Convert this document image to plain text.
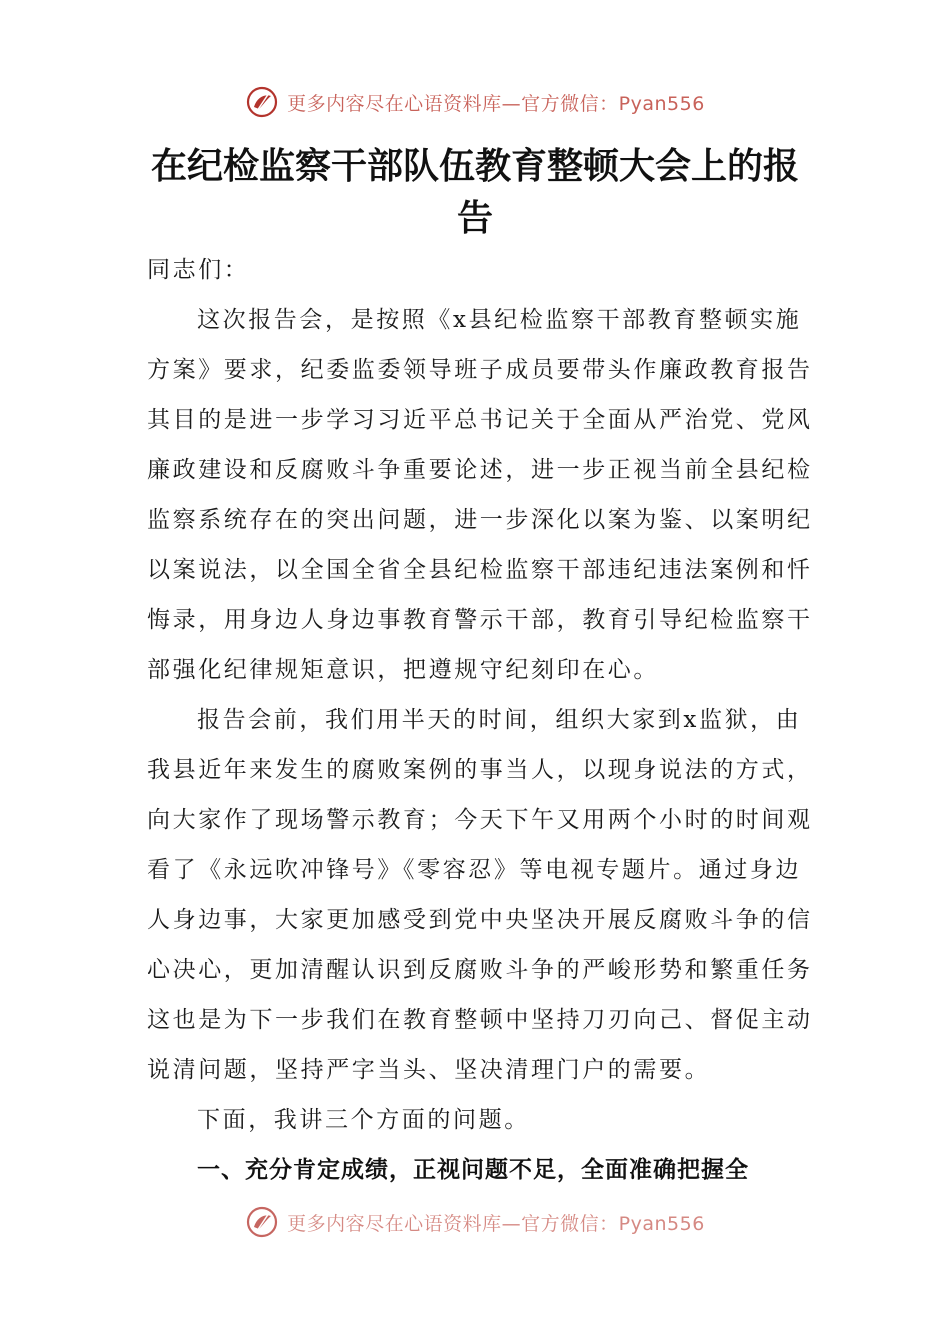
更多内容尽在心语资料库—官方微信：Pyan556
在纪检监察干部队伍教育整顿大会上的报
告
同志们：
这次报告会，是按照《x县纪检监察干部教育整顿实施
方案》要求，纪委监委领导班子成员要带头作廉政教育报告
其目的是进一步学习习近平总书记关于全面从严治党、党风
廉政建设和反腐败斗争重要论述，进一步正视当前全县纪检
监察系统存在的突出问题，进一步深化以案为鉴、以案明纪
以案说法，以全国全省全县纪检监察干部违纪违法案例和忏
悔录，用身边人身边事教育警示干部，教育引导纪检监察干
部强化纪律规矩意识，把遵规守纪刻印在心。
报告会前，我们用半天的时间，组织大家到x监狱，由
我县近年来发生的腐败案例的事当人，以现身说法的方式，
向大家作了现场警示教育；今天下午又用两个小时的时间观
看了《永远吹冲锋号》《零容忍》等电视专题片。通过身边
人身边事，大家更加感受到党中央坚决开展反腐败斗争的信
心决心，更加清醒认识到反腐败斗争的严峻形势和繁重任务
这也是为下一步我们在教育整顿中坚持刀刃向己、督促主动
说清问题，坚持严字当头、坚决清理门户的需要。
下面，我讲三个方面的问题。
一、充分肯定成绩，正视问题不足，全面准确把握全
更多内容尽在心语资料库—官方微信：Pyan556
